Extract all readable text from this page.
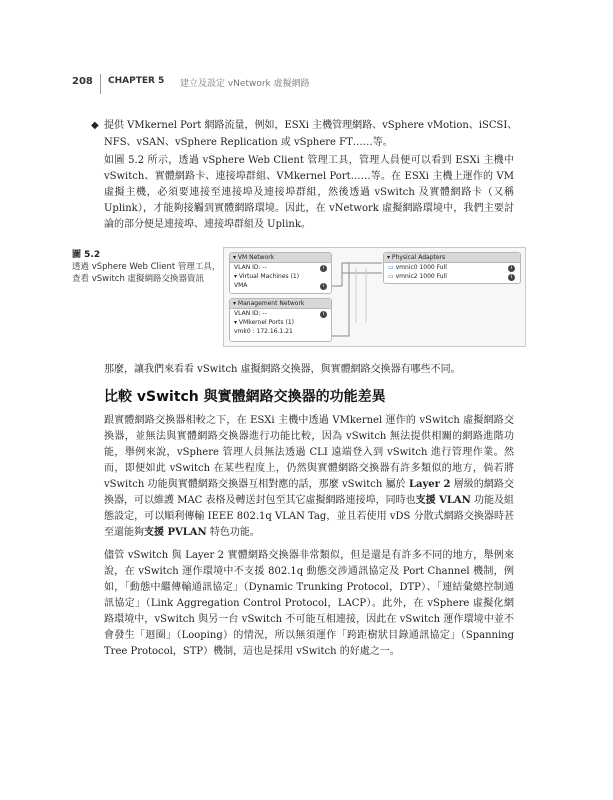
208 CHAPTER 5 建立及設定 vNetwork 虛擬網路
◆ 提供 VMkernel Port 網路流量，例如，ESXi 主機管理網路、vSphere vMotion、iSCSI、NFS、vSAN、vSphere Replication 或 vSphere FT……等。

如圖 5.2 所示，透過 vSphere Web Client 管理工具，管理人員便可以看到 ESXi 主機中 vSwitch、實體網路卡、連接埠群組、VMkernel Port……等。在 ESXi 主機上運作的 VM 虛擬主機，必須要連接至連接埠及連接埠群組，然後透過 vSwitch 及實體網路卡（又稱 Uplink），才能夠接觸到實體網路環境。因此，在 vNetwork 虛擬網路環境中，我們主要討論的部分便是連接埠、連接埠群組及 Uplink。

圖 5.2
透過 vSphere Web Client 管理工具，查看 vSwitch 虛擬網路交換器資訊
▾ VM Network
VLAN ID: --
▾ Virtual Machines (1)
VMA
i
i
▾ Management Network
VLAN ID: --
▾ VMkernel Ports (1)
vmk0 : 172.16.1.21
i
▾ Physical Adapters
▭ vmnic0 1000 Full
▭ vmnic2 1000 Full
i
i

那麼，讓我們來看看 vSwitch 虛擬網路交換器，與實體網路交換器有哪些不同。

比較 vSwitch 與實體網路交換器的功能差異

跟實體網路交換器相較之下，在 ESXi 主機中透過 VMkernel 運作的 vSwitch 虛擬網路交換器，並無法與實體網路交換器進行功能比較，因為 vSwitch 無法提供相關的網路進階功能，舉例來說，vSphere 管理人員無法透過 CLI 遠端登入到 vSwitch 進行管理作業。然而，即便如此 vSwitch 在某些程度上，仍然與實體網路交換器有許多類似的地方，倘若將 vSwitch 功能與實體網路交換器互相對應的話，那麼 vSwitch 屬於 Layer 2 層級的網路交換器，可以維護 MAC 表格及轉送封包至其它虛擬網路連接埠，同時也支援 VLAN 功能及組態設定，可以順利傳輸 IEEE 802.1q VLAN Tag，並且若使用 vDS 分散式網路交換器時甚至還能夠支援 PVLAN 特色功能。

儘管 vSwitch 與 Layer 2 實體網路交換器非常類似，但是還是有許多不同的地方，舉例來說，在 vSwitch 運作環境中不支援 802.1q 動態交涉通訊協定及 Port Channel 機制，例如，「動態中繼傳輸通訊協定」（Dynamic Trunking Protocol，DTP）、「連結彙總控制通訊協定」（Link Aggregation Control Protocol，LACP）。此外，在 vSphere 虛擬化網路環境中，vSwitch 與另一台 vSwitch 不可能互相連接，因此在 vSwitch 運作環境中並不會發生「迴圈」（Looping）的情況，所以無須運作「跨距樹狀目錄通訊協定」（Spanning Tree Protocol，STP）機制，這也是採用 vSwitch 的好處之一。
